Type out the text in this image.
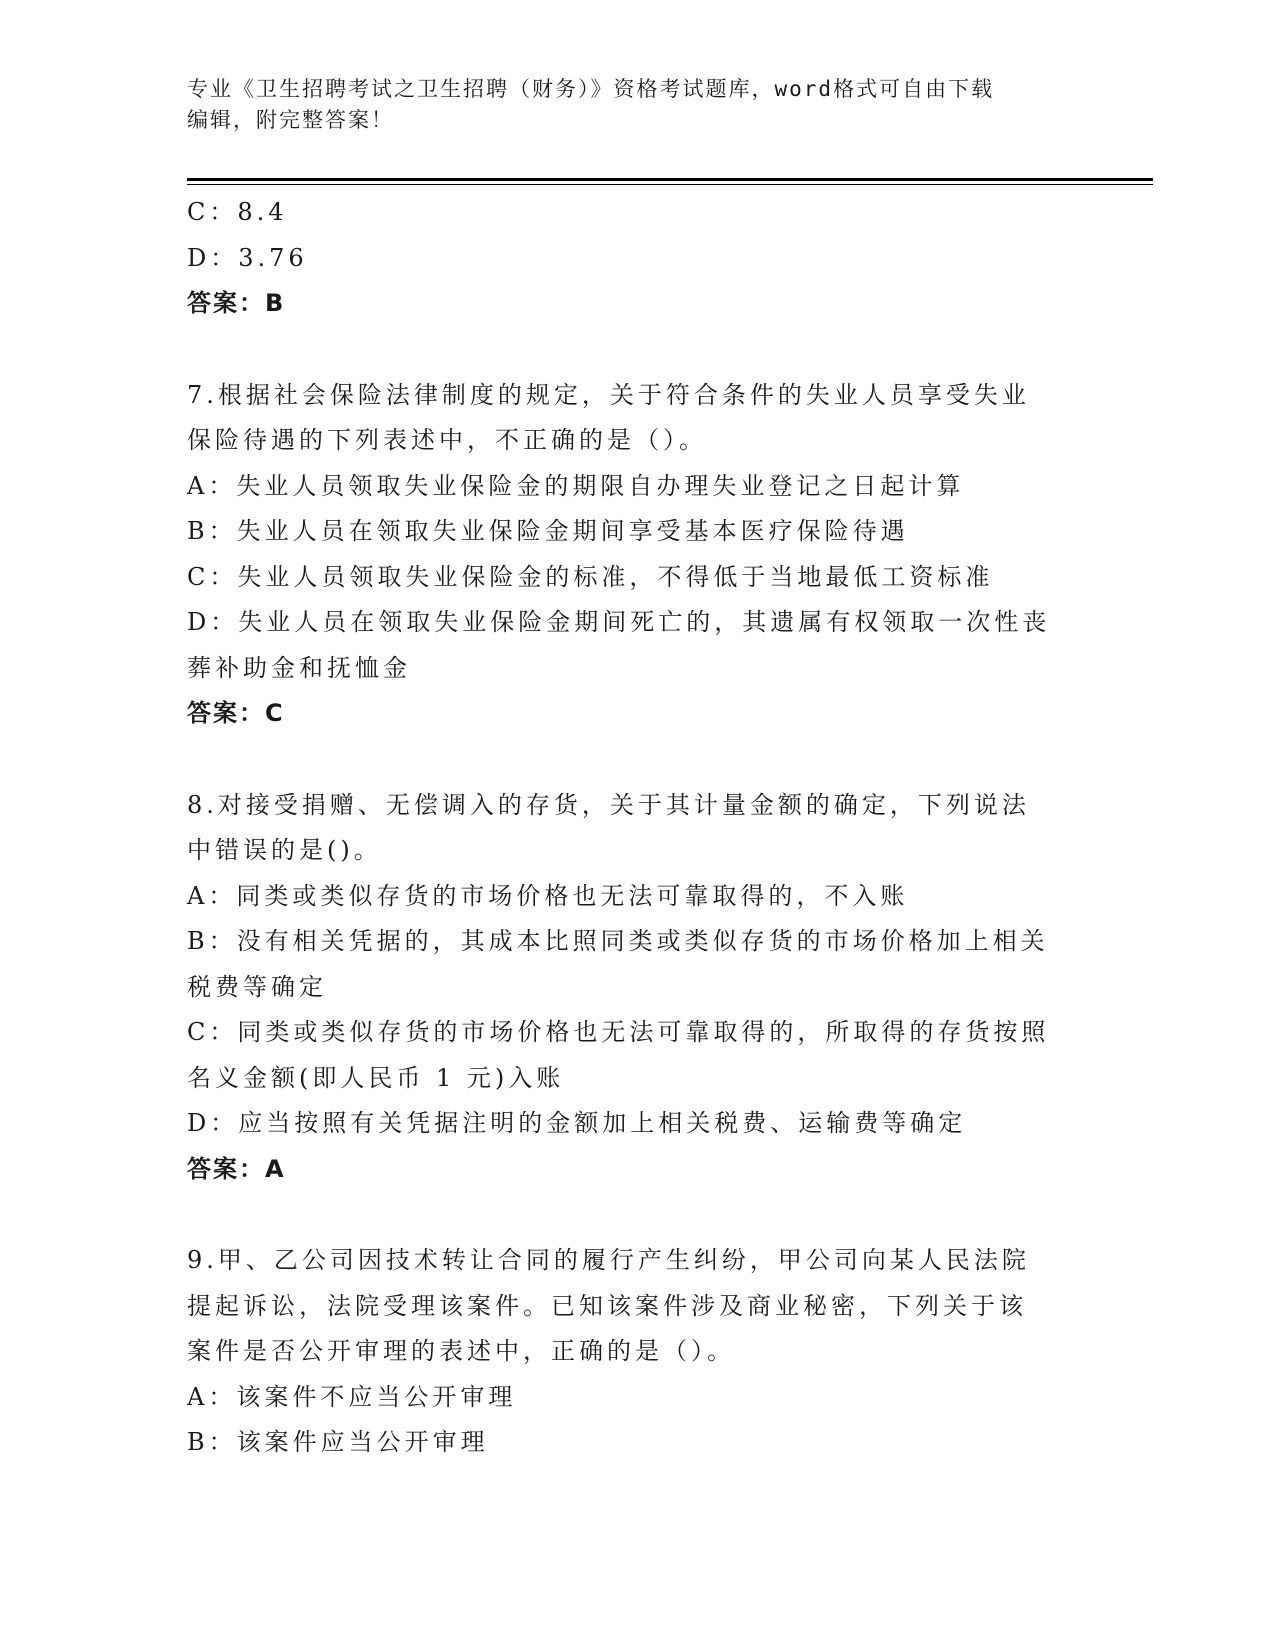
专业《卫生招聘考试之卫生招聘（财务）》资格考试题库，word格式可自由下载
编辑，附完整答案！
C：8.4
D：3.76
答案：B
7.根据社会保险法律制度的规定，关于符合条件的失业人员享受失业
保险待遇的下列表述中，不正确的是（）。
A：失业人员领取失业保险金的期限自办理失业登记之日起计算
B：失业人员在领取失业保险金期间享受基本医疗保险待遇
C：失业人员领取失业保险金的标准，不得低于当地最低工资标准
D：失业人员在领取失业保险金期间死亡的，其遗属有权领取一次性丧
葬补助金和抚恤金
答案：C
8.对接受捐赠、无偿调入的存货，关于其计量金额的确定，下列说法
中错误的是()。
A：同类或类似存货的市场价格也无法可靠取得的，不入账
B：没有相关凭据的，其成本比照同类或类似存货的市场价格加上相关
税费等确定
C：同类或类似存货的市场价格也无法可靠取得的，所取得的存货按照
名义金额(即人民币 1 元)入账
D：应当按照有关凭据注明的金额加上相关税费、运输费等确定
答案：A
9.甲、乙公司因技术转让合同的履行产生纠纷，甲公司向某人民法院
提起诉讼，法院受理该案件。已知该案件涉及商业秘密，下列关于该
案件是否公开审理的表述中，正确的是（）。
A：该案件不应当公开审理
B：该案件应当公开审理
